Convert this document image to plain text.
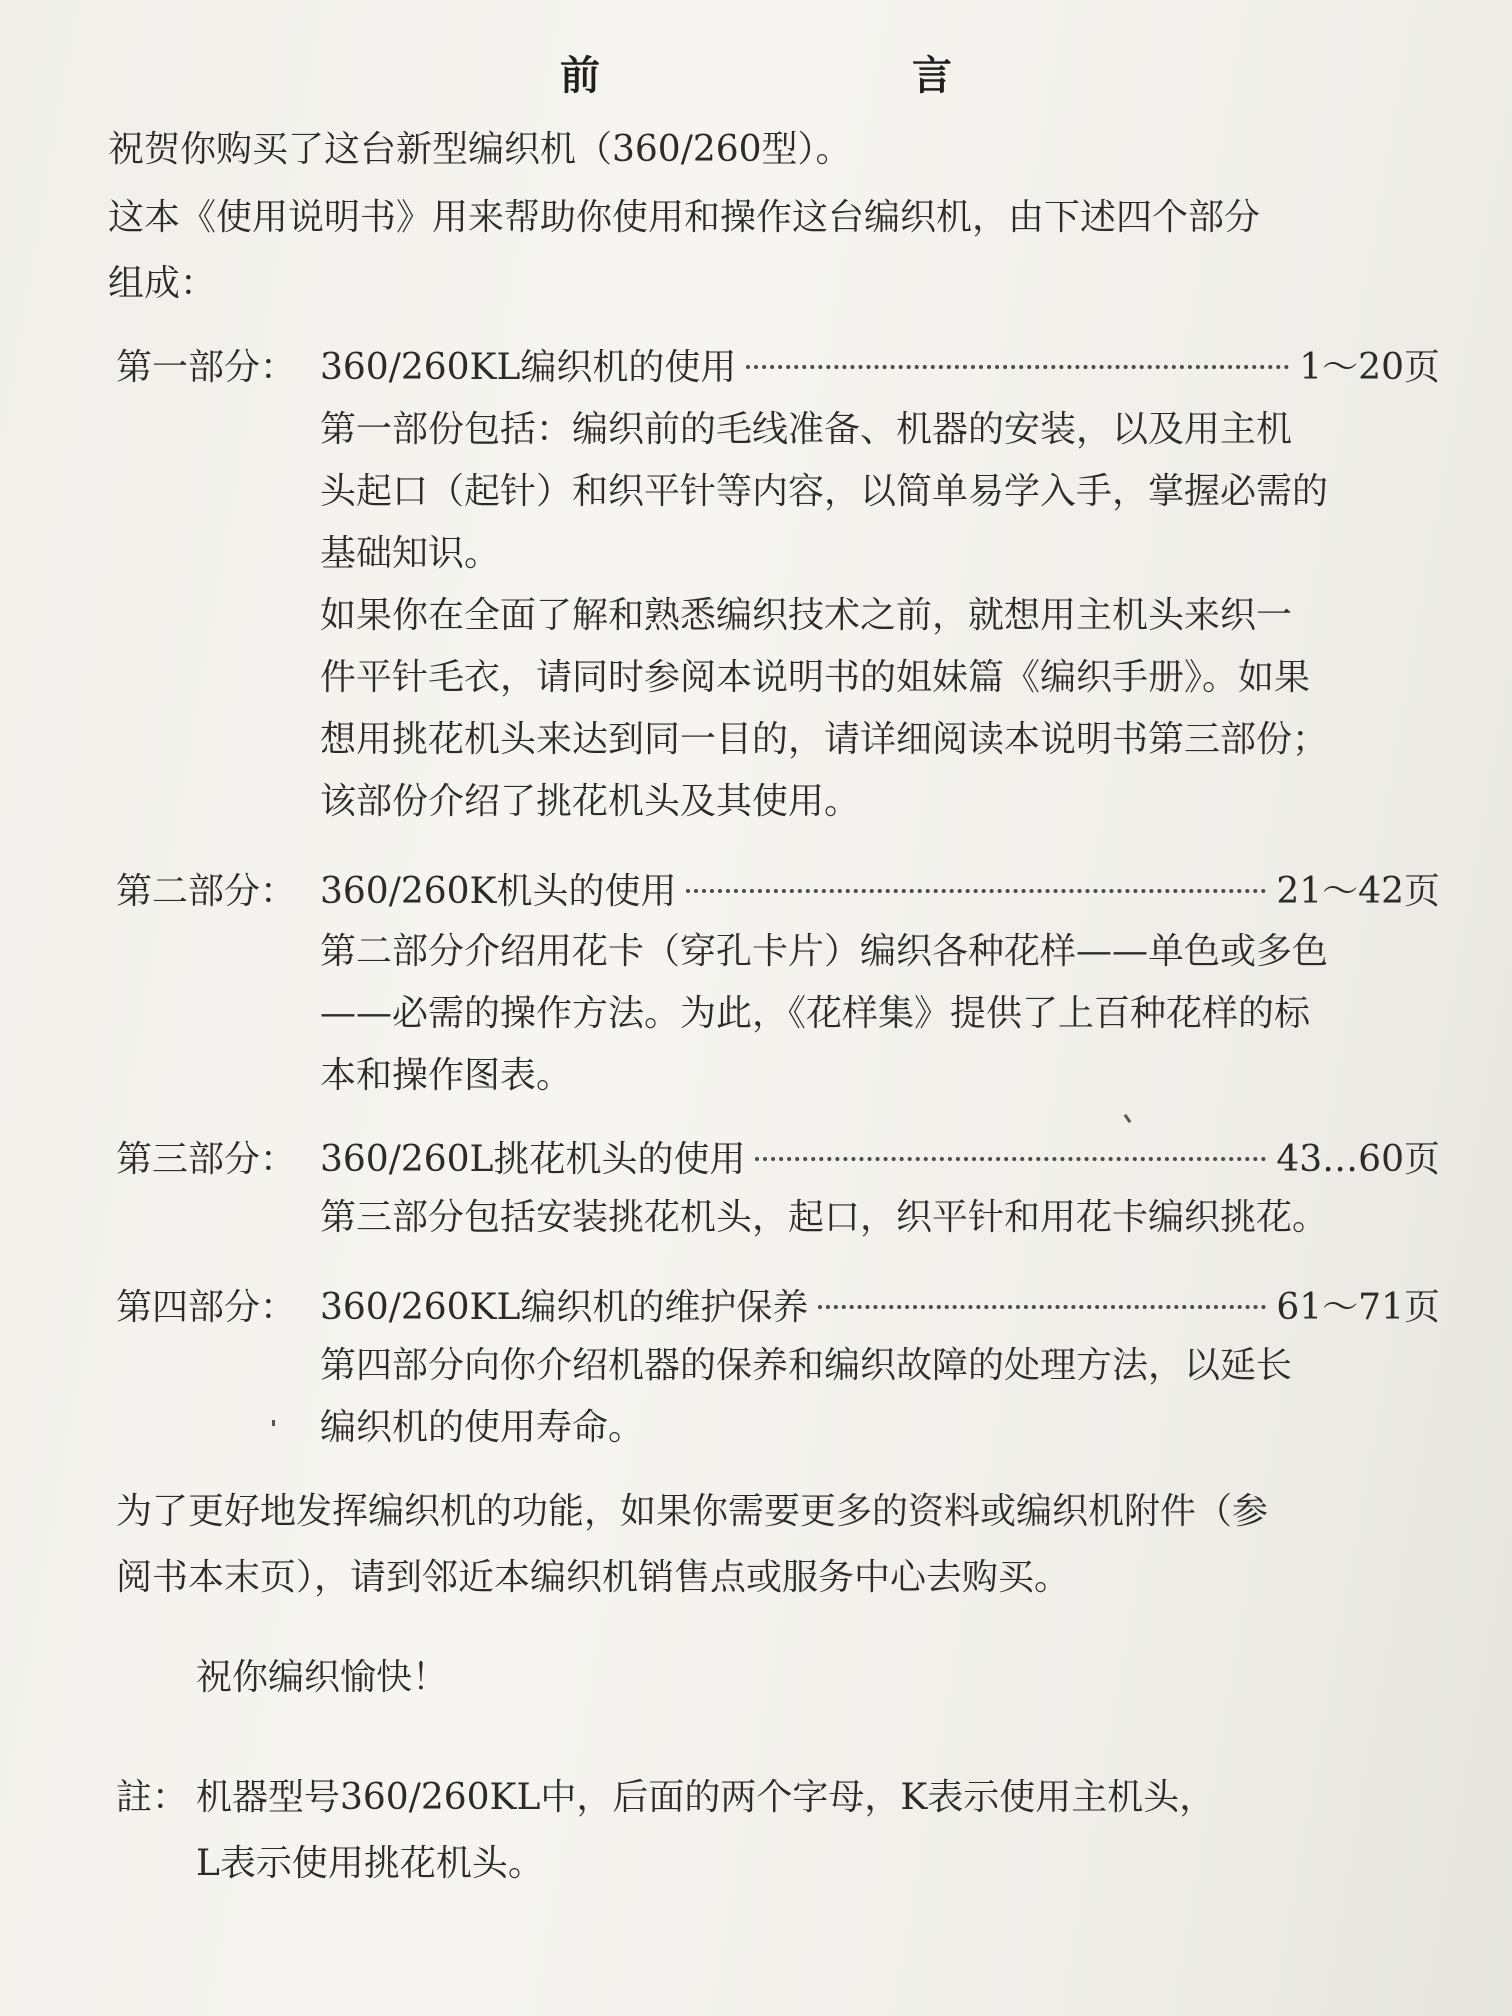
前　言
祝贺你购买了这台新型编织机（360/260型）。
这本《使用说明书》用来帮助你使用和操作这台编织机，由下述四个部分
组成：
第一部分： 360/260KL编织机的使用	1～20页
第一部份包括：编织前的毛线准备、机器的安装，以及用主机
头起口（起针）和织平针等内容，以简单易学入手，掌握必需的
基础知识。
如果你在全面了解和熟悉编织技术之前，就想用主机头来织一
件平针毛衣，请同时参阅本说明书的姐妹篇《编织手册》。如果
想用挑花机头来达到同一目的，请详细阅读本说明书第三部份；
该部份介绍了挑花机头及其使用。
第二部分： 360/260K机头的使用	21～42页
第二部分介绍用花卡（穿孔卡片）编织各种花样——单色或多色
——必需的操作方法。为此，《花样集》提供了上百种花样的标
本和操作图表。
第三部分： 360/260L挑花机头的使用	43…60页
第三部分包括安装挑花机头，起口，织平针和用花卡编织挑花。
第四部分： 360/260KL编织机的维护保养	61～71页
第四部分向你介绍机器的保养和编织故障的处理方法，以延长
编织机的使用寿命。
为了更好地发挥编织机的功能，如果你需要更多的资料或编织机附件（参
阅书本末页），请到邻近本编织机销售点或服务中心去购买。
祝你编织愉快！
註： 机器型号360/260KL中，后面的两个字母，K表示使用主机头，
L表示使用挑花机头。
